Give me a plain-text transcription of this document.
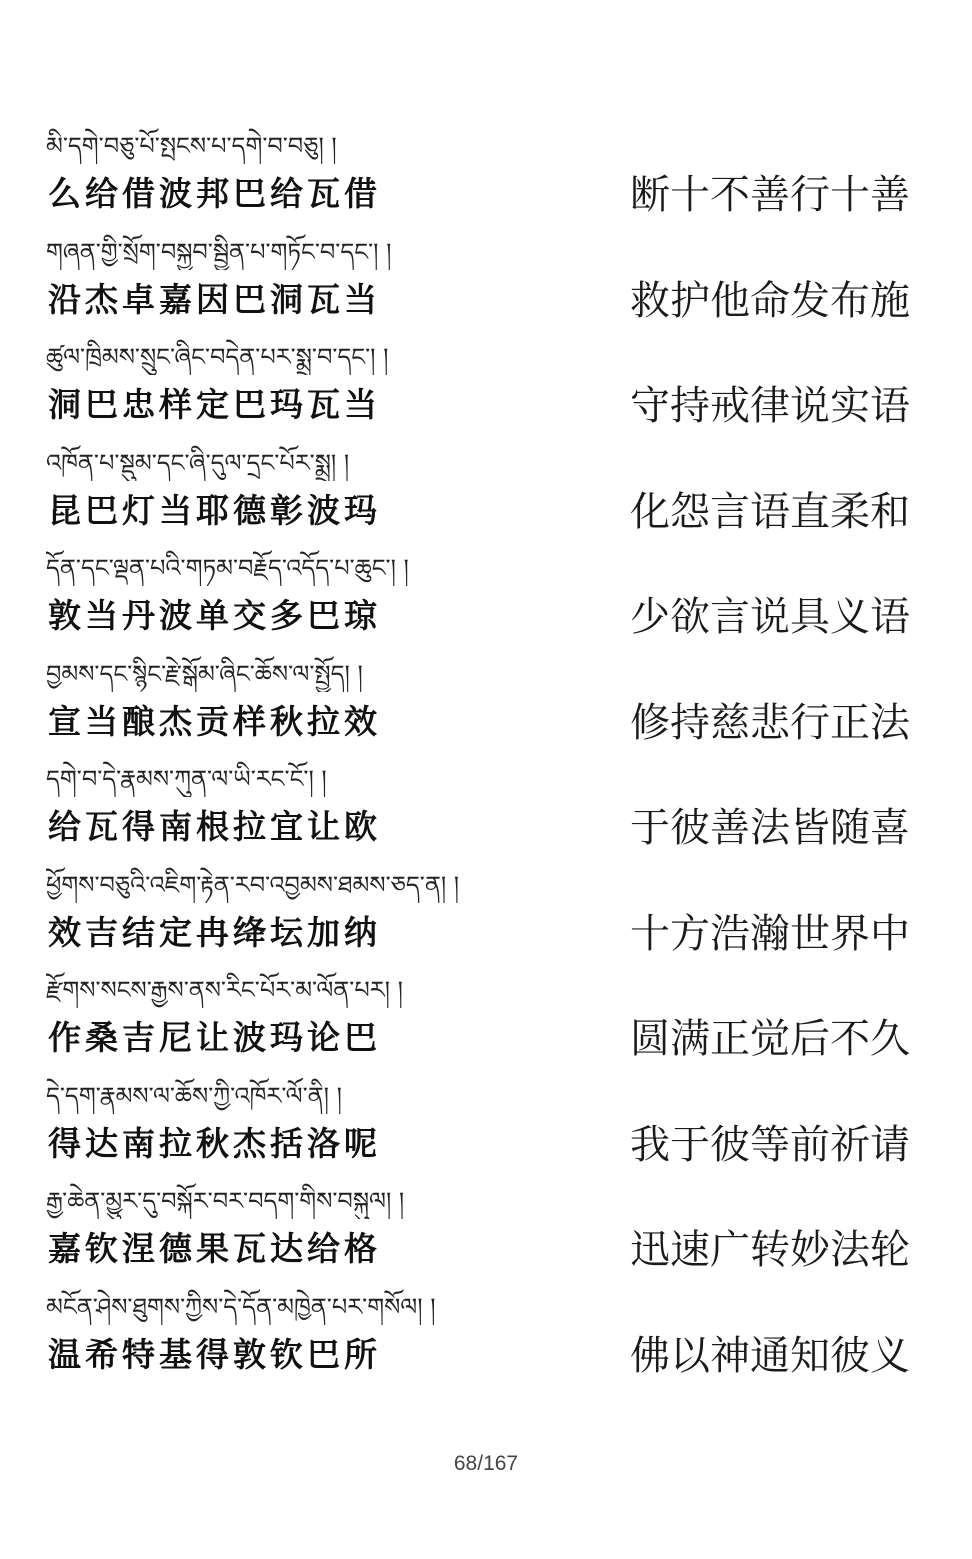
མི་དགེ་བཅུ་པོ་སྤངས་པ་དགེ་བ་བཅུ། །
么给借波邦巴给瓦借	断十不善行十善
གཞན་གྱི་སྲོག་བསྐྱབ་སྦྱིན་པ་གཏོང་བ་དང་། །
沿杰卓嘉因巴洞瓦当	救护他命发布施
ཚུལ་ཁྲིམས་སྲུང་ཞིང་བདེན་པར་སྨྲ་བ་དང་། །
洞巴忠样定巴玛瓦当	守持戒律说实语
འཁོན་པ་སྡུམ་དང་ཞི་དུལ་དྲང་པོར་སྨྲ། །
昆巴灯当耶德彰波玛	化怨言语直柔和
དོན་དང་ལྡན་པའི་གཏམ་བརྗོད་འདོད་པ་ཆུང་། །
敦当丹波单交多巴琼	少欲言说具义语
བྱམས་དང་སྙིང་རྗེ་སྒོམ་ཞིང་ཆོས་ལ་སྤྱོད། །
宣当酿杰贡样秋拉效	修持慈悲行正法
དགེ་བ་དེ་རྣམས་ཀུན་ལ་ཡི་རང་ངོ་། །
给瓦得南根拉宜让欧	于彼善法皆随喜
ཕྱོགས་བཅུའི་འཇིག་རྟེན་རབ་འབྱམས་ཐམས་ཅད་ན། །
效吉结定冉绛坛加纳	十方浩瀚世界中
རྫོགས་སངས་རྒྱས་ནས་རིང་པོར་མ་ལོན་པར། །
作桑吉尼让波玛论巴	圆满正觉后不久
དེ་དག་རྣམས་ལ་ཆོས་ཀྱི་འཁོར་ལོ་ནི། །
得达南拉秋杰括洛呢	我于彼等前祈请
རྒྱ་ཆེན་མྱུར་དུ་བསྐོར་བར་བདག་གིས་བསྐུལ། །
嘉钦涅德果瓦达给格	迅速广转妙法轮
མངོན་ཤེས་ཐུགས་ཀྱིས་དེ་དོན་མཁྱེན་པར་གསོལ། །
温希特基得敦钦巴所	佛以神通知彼义
68/167
